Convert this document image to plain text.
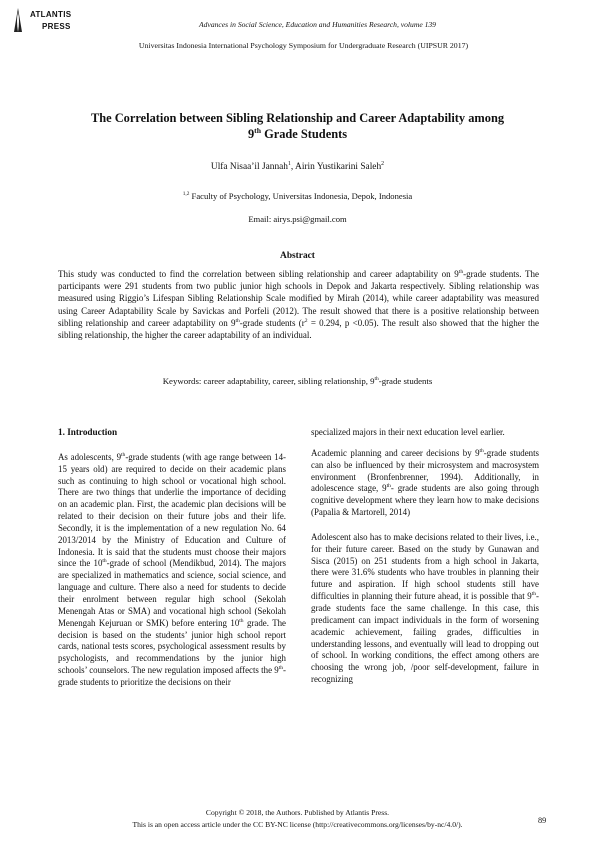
ATLANTIS
PRESS	Advances in Social Science, Education and Humanities Research, volume 139
Universitas Indonesia International Psychology Symposium for Undergraduate Research (UIPSUR 2017)
The Correlation between Sibling Relationship and Career Adaptability among
9th Grade Students
Ulfa Nisaa’il Jannah$^1$, Airin Yustikarini Saleh$^2$
$^{1,2}$ Faculty of Psychology, Universitas Indonesia, Depok, Indonesia
Email: airys.psi@gmail.com
Abstract
This study was conducted to find the correlation between sibling relationship and career adaptability on 9th-grade students. The participants were 291 students from two public junior high schools in Depok and Jakarta respectively. Sibling relationship was measured using Riggio’s Lifespan Sibling Relationship Scale modified by Mirah (2014), while career adaptability was measured using Career Adaptability Scale by Savickas and Porfeli (2012). The result showed that there is a positive relationship between sibling relationship and career adaptability on 9th-grade students ($r^2 = 0.294$, p <0.05). The result also showed that the higher the sibling relationship, the higher the career adaptability of an individual.
Keywords: career adaptability, career, sibling relationship, 9th-grade students

1. Introduction

As adolescents, 9th-grade students (with age range between 14-15 years old) are required to decide on their academic plans such as continuing to high school or vocational high school. There are two things that underlie the importance of deciding on an academic plan. First, the academic plan decisions will be related to their decision on their future jobs and their life. Secondly, it is the implementation of a new regulation No. 64 2013/2014 by the Ministry of Education and Culture of Indonesia. It is said that the students must choose their majors since the 10th-grade of school (Mendikbud, 2014). The majors are specialized in mathematics and science, social science, and language and culture. There also a need for students to decide their enrolment between regular high school (Sekolah Menengah Atas or SMA) and vocational high school (Sekolah Menengah Kejuruan or SMK) before entering 10th grade. The decision is based on the students’ junior high school report cards, national tests scores, psychological assessment results by psychologists, and recommendations by the junior high schools’ counselors. The new regulation imposed affects the 9th-grade students to prioritize the decisions on their

specialized majors in their next education level earlier.

Academic planning and career decisions by 9th-grade students can also be influenced by their microsystem and macrosystem environment (Bronfenbrenner, 1994). Additionally, in adolescence stage, 9th- grade students are also going through cognitive development where they learn how to make decisions (Papalia & Martorell, 2014)

Adolescent also has to make decisions related to their lives, i.e., for their future career. Based on the study by Gunawan and Sisca (2015) on 251 students from a high school in Jakarta, there were 31.6% students who have troubles in planning their future and aspiration. If high school students still have difficulties in planning their future ahead, it is possible that 9th-grade students face the same challenge. In this case, this predicament can impact individuals in the form of worsening academic achievement, failing grades, difficulties in understanding lessons, and eventually will lead to dropping out of school. In working conditions, the effect among others are choosing the wrong job, /poor self-development, failure in recognizing

Copyright © 2018, the Authors. Published by Atlantis Press.
This is an open access article under the CC BY-NC license (http://creativecommons.org/licenses/by-nc/4.0/).	89
